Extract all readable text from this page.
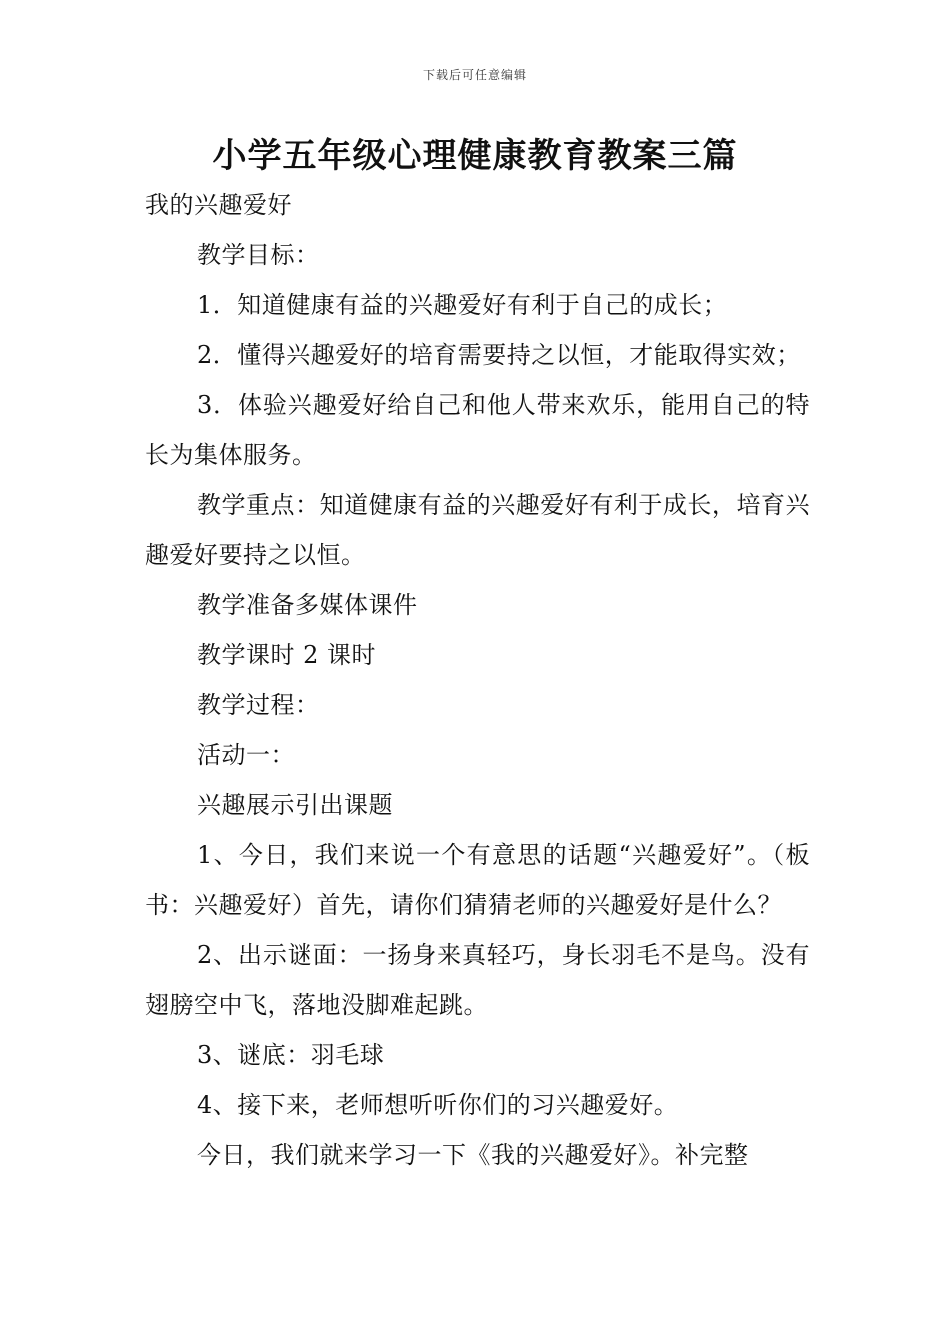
下载后可任意编辑
小学五年级心理健康教育教案三篇

我的兴趣爱好

教学目标：

1．知道健康有益的兴趣爱好有利于自己的成长；

2．懂得兴趣爱好的培育需要持之以恒，才能取得实效；

3．体验兴趣爱好给自己和他人带来欢乐，能用自己的特长为集体服务。

教学重点：知道健康有益的兴趣爱好有利于成长，培育兴趣爱好要持之以恒。

教学准备多媒体课件

教学课时 2 课时

教学过程：

活动一：

兴趣展示引出课题

1、今日，我们来说一个有意思的话题“兴趣爱好”。（板书：兴趣爱好）首先，请你们猜猜老师的兴趣爱好是什么？

2、出示谜面：一扬身来真轻巧，身长羽毛不是鸟。没有翅膀空中飞，落地没脚难起跳。

3、谜底：羽毛球

4、接下来，老师想听听你们的习兴趣爱好。

今日，我们就来学习一下《我的兴趣爱好》。补完整
